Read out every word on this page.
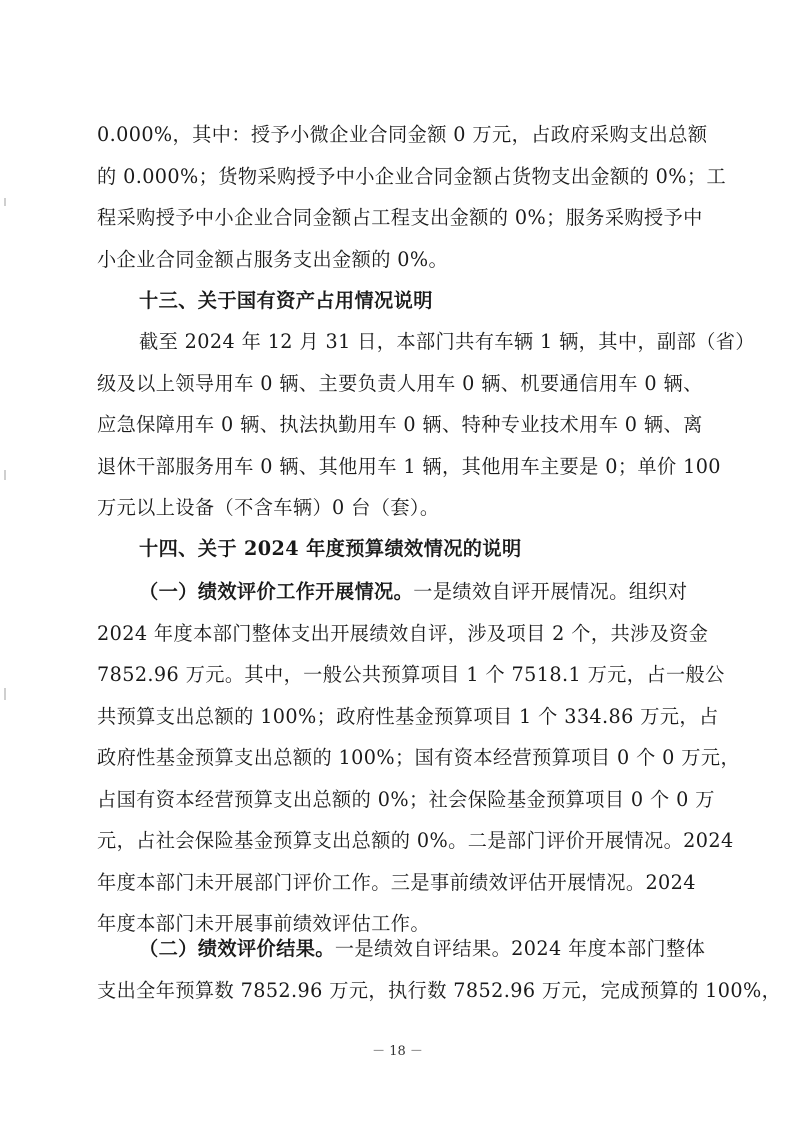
0.000%，其中：授予小微企业合同金额 0 万元，占政府采购支出总额
的 0.000%；货物采购授予中小企业合同金额占货物支出金额的 0%；工
程采购授予中小企业合同金额占工程支出金额的 0%；服务采购授予中
小企业合同金额占服务支出金额的 0%。
十三、关于国有资产占用情况说明
截至 2024 年 12 月 31 日，本部门共有车辆 1 辆，其中，副部（省）
级及以上领导用车 0 辆、主要负责人用车 0 辆、机要通信用车 0 辆、
应急保障用车 0 辆、执法执勤用车 0 辆、特种专业技术用车 0 辆、离
退休干部服务用车 0 辆、其他用车 1 辆，其他用车主要是 0；单价 100
万元以上设备（不含车辆）0 台（套）。
十四、关于 2024 年度预算绩效情况的说明
（一）绩效评价工作开展情况。一是绩效自评开展情况。组织对
2024 年度本部门整体支出开展绩效自评，涉及项目 2 个，共涉及资金
7852.96 万元。其中，一般公共预算项目 1 个 7518.1 万元，占一般公
共预算支出总额的 100%；政府性基金预算项目 1 个 334.86 万元，占
政府性基金预算支出总额的 100%；国有资本经营预算项目 0 个 0 万元，
占国有资本经营预算支出总额的 0%；社会保险基金预算项目 0 个 0 万
元，占社会保险基金预算支出总额的 0%。二是部门评价开展情况。2024
年度本部门未开展部门评价工作。三是事前绩效评估开展情况。2024
年度本部门未开展事前绩效评估工作。
（二）绩效评价结果。一是绩效自评结果。2024 年度本部门整体
支出全年预算数 7852.96 万元，执行数 7852.96 万元，完成预算的 100%，
－ 18 －
